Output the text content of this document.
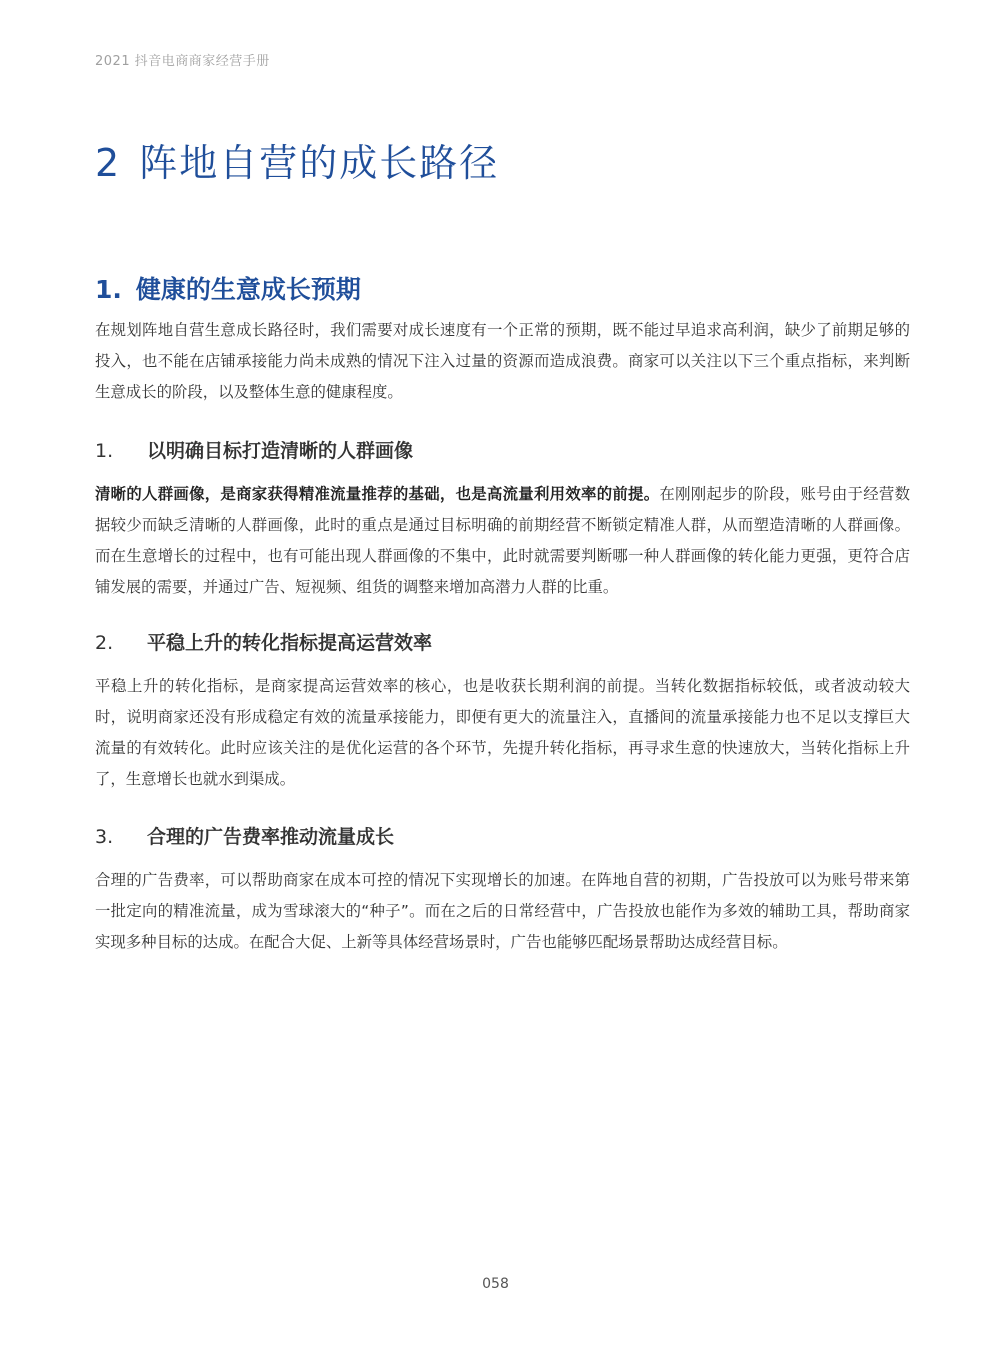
2021 抖音电商商家经营手册
2 阵地自营的成长路径
1. 健康的生意成长预期

在规划阵地自营生意成长路径时，我们需要对成长速度有一个正常的预期，既不能过早追求高利润，缺少了前期足够的投入，也不能在店铺承接能力尚未成熟的情况下注入过量的资源而造成浪费。商家可以关注以下三个重点指标，来判断生意成长的阶段，以及整体生意的健康程度。

1. 以明确目标打造清晰的人群画像

清晰的人群画像，是商家获得精准流量推荐的基础，也是高流量利用效率的前提。在刚刚起步的阶段，账号由于经营数据较少而缺乏清晰的人群画像，此时的重点是通过目标明确的前期经营不断锁定精准人群，从而塑造清晰的人群画像。而在生意增长的过程中，也有可能出现人群画像的不集中，此时就需要判断哪一种人群画像的转化能力更强，更符合店铺发展的需要，并通过广告、短视频、组货的调整来增加高潜力人群的比重。

2. 平稳上升的转化指标提高运营效率

平稳上升的转化指标，是商家提高运营效率的核心，也是收获长期利润的前提。当转化数据指标较低，或者波动较大时，说明商家还没有形成稳定有效的流量承接能力，即便有更大的流量注入，直播间的流量承接能力也不足以支撑巨大流量的有效转化。此时应该关注的是优化运营的各个环节，先提升转化指标，再寻求生意的快速放大，当转化指标上升了，生意增长也就水到渠成。

3. 合理的广告费率推动流量成长

合理的广告费率，可以帮助商家在成本可控的情况下实现增长的加速。在阵地自营的初期，广告投放可以为账号带来第一批定向的精准流量，成为雪球滚大的“种子”。而在之后的日常经营中，广告投放也能作为多效的辅助工具，帮助商家实现多种目标的达成。在配合大促、上新等具体经营场景时，广告也能够匹配场景帮助达成经营目标。

058
